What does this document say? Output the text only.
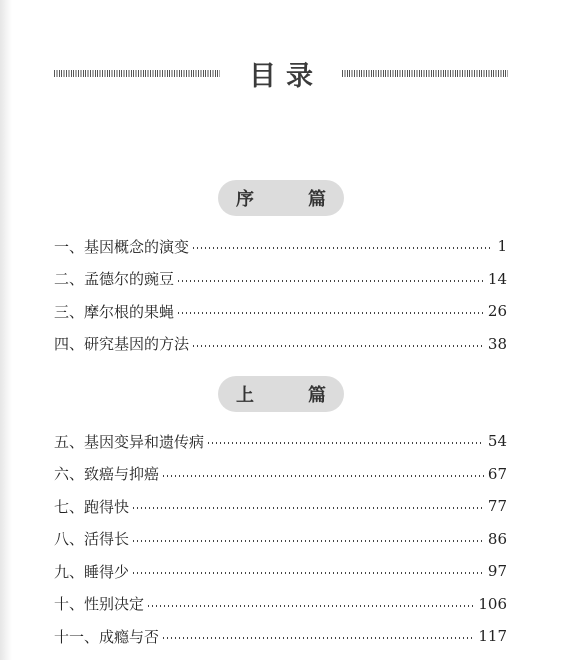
目录
序　篇
一、基因概念的演变	1
二、孟德尔的豌豆	14
三、摩尔根的果蝇	26
四、研究基因的方法	38
上　篇
五、基因变异和遗传病	54
六、致癌与抑癌	67
七、跑得快	77
八、活得长	86
九、睡得少	97
十、性别决定	106
十一、成瘾与否	117
